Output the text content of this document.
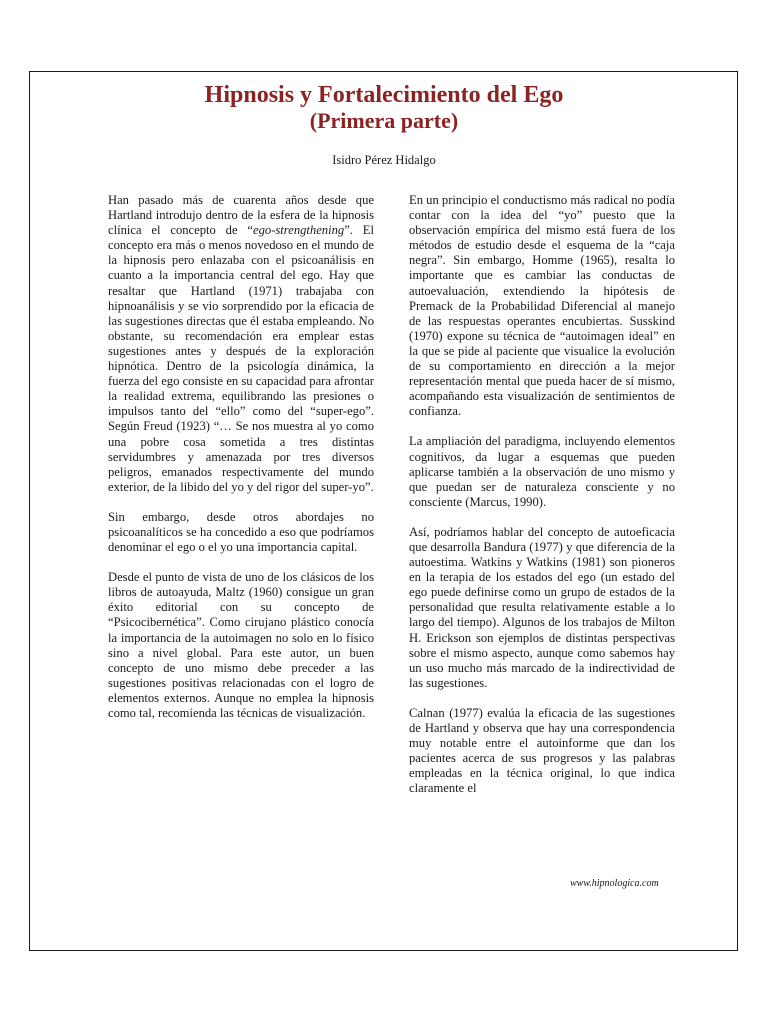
Hipnosis y Fortalecimiento del Ego
(Primera parte)
Isidro Pérez Hidalgo

Han pasado más de cuarenta años desde que Hartland introdujo dentro de la esfera de la hipnosis clínica el concepto de “ego-strengthening”. El concepto era más o menos novedoso en el mundo de la hipnosis pero enlazaba con el psicoanálisis en cuanto a la importancia central del ego. Hay que resaltar que Hartland (1971) trabajaba con hipnoanálisis y se vio sorprendido por la eficacia de las sugestiones directas que él estaba empleando. No obstante, su recomendación era emplear estas sugestiones antes y después de la exploración hipnótica. Dentro de la psicología dinámica, la fuerza del ego consiste en su capacidad para afrontar la realidad extrema, equilibrando las presiones o impulsos tanto del “ello” como del “super-ego”. Según Freud (1923) “… Se nos muestra al yo como una pobre cosa sometida a tres distintas servidumbres y amenazada por tres diversos peligros, emanados respectivamente del mundo exterior, de la libido del yo y del rigor del super-yo”.

Sin embargo, desde otros abordajes no psicoanalíticos se ha concedido a eso que podríamos denominar el ego o el yo una importancia capital.

Desde el punto de vista de uno de los clásicos de los libros de autoayuda, Maltz (1960) consigue un gran éxito editorial con su concepto de “Psicocibernética”. Como cirujano plástico conocía la importancia de la autoimagen no solo en lo físico sino a nivel global. Para este autor, un buen concepto de uno mismo debe preceder a las sugestiones positivas relacionadas con el logro de elementos externos. Aunque no emplea la hipnosis como tal, recomienda las técnicas de visualización.

En un principio el conductismo más radical no podía contar con la idea del “yo” puesto que la observación empírica del mismo está fuera de los métodos de estudio desde el esquema de la “caja negra”. Sin embargo, Homme (1965), resalta lo importante que es cambiar las conductas de autoevaluación, extendiendo la hipótesis de Premack de la Probabilidad Diferencial al manejo de las respuestas operantes encubiertas. Susskind (1970) expone su técnica de “autoimagen ideal” en la que se pide al paciente que visualice la evolución de su comportamiento en dirección a la mejor representación mental que pueda hacer de sí mismo, acompañando esta visualización de sentimientos de confianza.

La ampliación del paradigma, incluyendo elementos cognitivos, da lugar a esquemas que pueden aplicarse también a la observación de uno mismo y que puedan ser de naturaleza consciente y no consciente (Marcus, 1990).

Así, podríamos hablar del concepto de autoeficacia que desarrolla Bandura (1977) y que diferencia de la autoestima. Watkins y Watkins (1981) son pioneros en la terapia de los estados del ego (un estado del ego puede definirse como un grupo de estados de la personalidad que resulta relativamente estable a lo largo del tiempo). Algunos de los trabajos de Milton H. Erickson son ejemplos de distintas perspectivas sobre el mismo aspecto, aunque como sabemos hay un uso mucho más marcado de la indirectividad de las sugestiones.

Calnan (1977) evalúa la eficacia de las sugestiones de Hartland y observa que hay una correspondencia muy notable entre el autoinforme que dan los pacientes acerca de sus progresos y las palabras empleadas en la técnica original, lo que indica claramente el

www.hipnologica.com
